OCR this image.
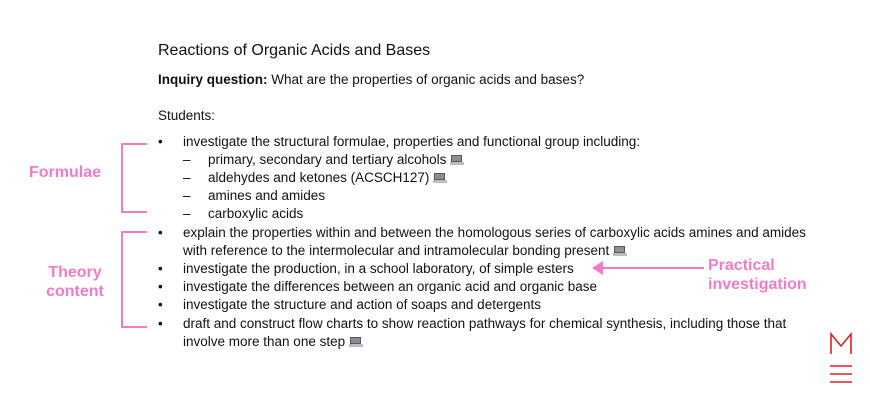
Reactions of Organic Acids and Bases
Inquiry question: What are the properties of organic acids and bases?
Students:
• investigate the structural formulae, properties and functional group including:
– primary, secondary and tertiary alcohols
– aldehydes and ketones (ACSCH127)
– amines and amides
– carboxylic acids
• explain the properties within and between the homologous series of carboxylic acids amines and amides
with reference to the intermolecular and intramolecular bonding present
• investigate the production, in a school laboratory, of simple esters
• investigate the differences between an organic acid and organic base
• investigate the structure and action of soaps and detergents
• draft and construct flow charts to show reaction pathways for chemical synthesis, including those that
involve more than one step
Formulae
Theory
content
Practical
investigation
